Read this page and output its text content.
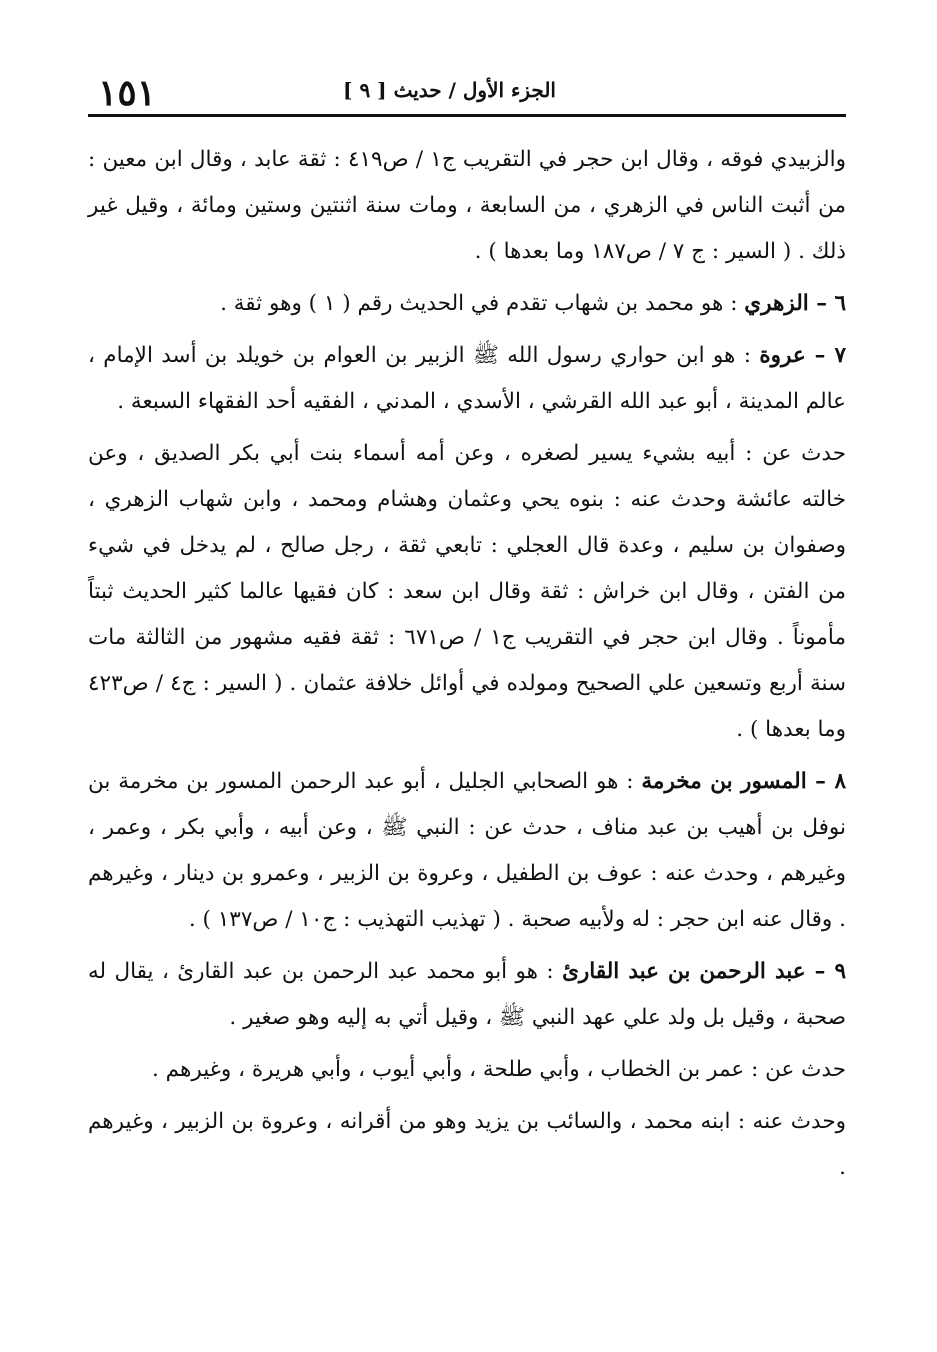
الجزء الأول / حديث [ ٩ ]
١٥١

والزبيدي فوقه ، وقال ابن حجر في التقريب ج١ / ص٤١٩ : ثقة عابد ، وقال ابن معين : من أثبت الناس في الزهري ، من السابعة ، ومات سنة اثنتين وستين ومائة ، وقيل غير ذلك . ( السير : ج ٧ / ص١٨٧ وما بعدها ) .

٦ – الزهري : هو محمد بن شهاب تقدم في الحديث رقم ( ١ ) وهو ثقة .

٧ – عروة : هو ابن حواري رسول الله ﷺ الزبير بن العوام بن خويلد بن أسد الإمام ، عالم المدينة ، أبو عبد الله القرشي ، الأسدي ، المدني ، الفقيه أحد الفقهاء السبعة .

حدث عن : أبيه بشيء يسير لصغره ، وعن أمه أسماء بنت أبي بكر الصديق ، وعن خالته عائشة وحدث عنه : بنوه يحي وعثمان وهشام ومحمد ، وابن شهاب الزهري ، وصفوان بن سليم ، وعدة قال العجلي : تابعي ثقة ، رجل صالح ، لم يدخل في شيء من الفتن ، وقال ابن خراش : ثقة وقال ابن سعد : كان فقيها عالما كثير الحديث ثبتاً مأموناً . وقال ابن حجر في التقريب ج١ / ص٦٧١ : ثقة فقيه مشهور من الثالثة مات سنة أربع وتسعين علي الصحيح ومولده في أوائل خلافة عثمان . ( السير : ج٤ / ص٤٢٣ وما بعدها ) .

٨ – المسور بن مخرمة : هو الصحابي الجليل ، أبو عبد الرحمن المسور بن مخرمة بن نوفل بن أهيب بن عبد مناف ، حدث عن : النبي ﷺ ، وعن أبيه ، وأبي بكر ، وعمر ، وغيرهم ، وحدث عنه : عوف بن الطفيل ، وعروة بن الزبير ، وعمرو بن دينار ، وغيرهم . وقال عنه ابن حجر : له ولأبيه صحبة . ( تهذيب التهذيب : ج١٠ / ص١٣٧ ) .

٩ – عبد الرحمن بن عبد القارئ : هو أبو محمد عبد الرحمن بن عبد القارئ ، يقال له صحبة ، وقيل بل ولد علي عهد النبي ﷺ ، وقيل أتي به إليه وهو صغير .

حدث عن : عمر بن الخطاب ، وأبي طلحة ، وأبي أيوب ، وأبي هريرة ، وغيرهم .

وحدث عنه : ابنه محمد ، والسائب بن يزيد وهو من أقرانه ، وعروة بن الزبير ، وغيرهم .
